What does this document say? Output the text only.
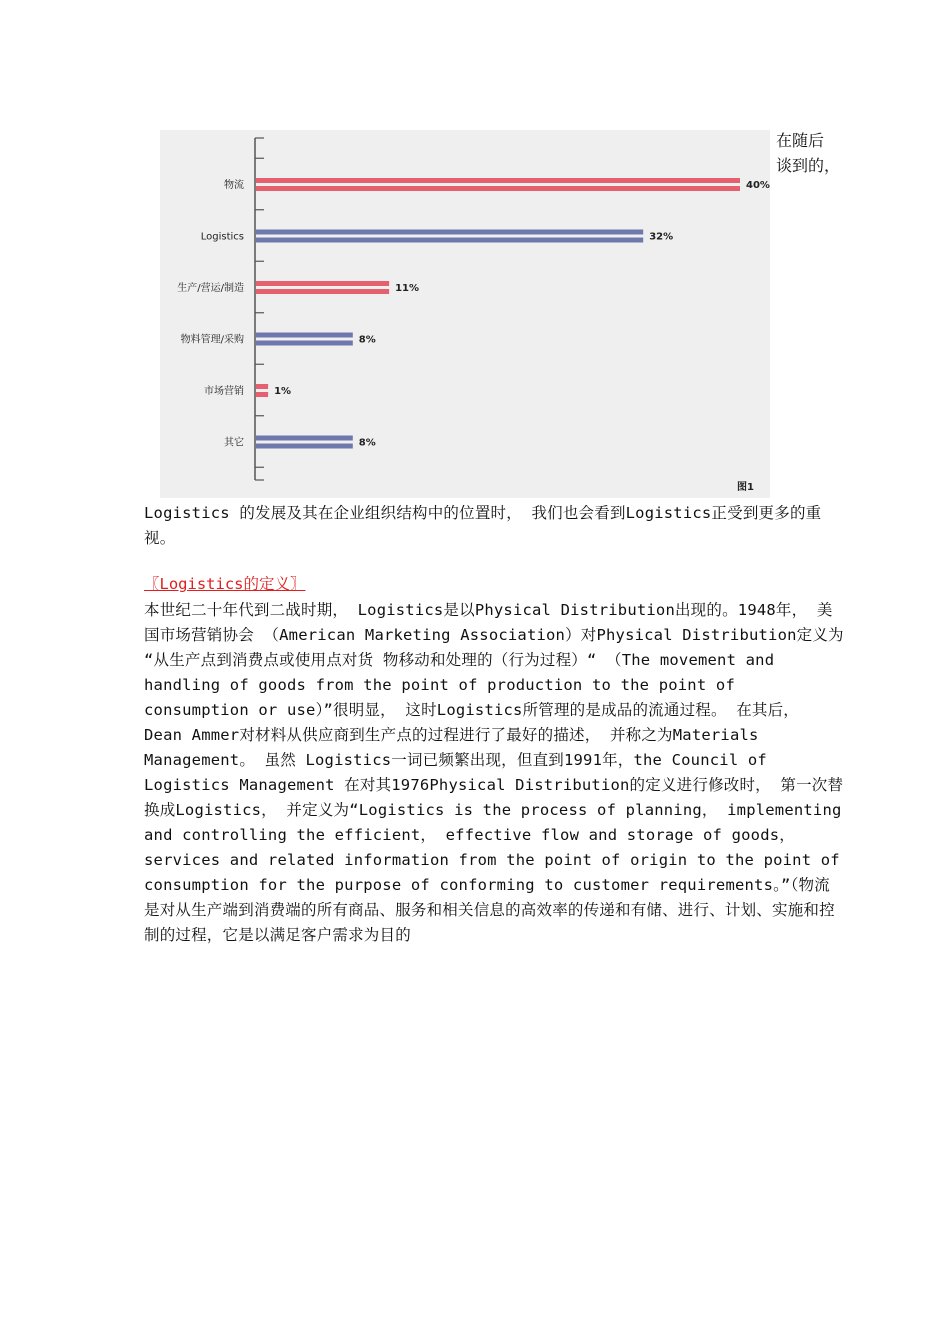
物流	40%
Logistics	32%
生产/营运/制造	11%
物料管理/采购	8%
市场营销	1%
其它	8%
图1
在随后
谈到的，

Logistics 的发展及其在企业组织结构中的位置时， 我们也会看到Logistics正受到更多的重视。

〖Logistics的定义〗

本世纪二十年代到二战时期， Logistics是以Physical Distribution出现的。1948年， 美国市场营销协会 （American Marketing Association）对Physical Distribution定义为 “从生产点到消费点或使用点对货 物移动和处理的（行为过程）“ （The movement and handling of goods from the point of production to the point of consumption or use）”很明显， 这时Logistics所管理的是成品的流通过程。 在其后， Dean Ammer对材料从供应商到生产点的过程进行了最好的描述， 并称之为Materials Management。 虽然 Logistics一词已频繁出现，但直到1991年，the Council of Logistics Management 在对其1976Physical Distribution的定义进行修改时， 第一次替换成Logistics， 并定义为“Logistics is the process of planning， implementing and controlling the efficient， effective flow and storage of goods， services and related information from the point of origin to the point of consumption for the purpose of conforming to customer requirements。”（物流是对从生产端到消费端的所有商品、服务和相关信息的高效率的传递和有储、进行、计划、实施和控制的过程，它是以满足客户需求为目的
